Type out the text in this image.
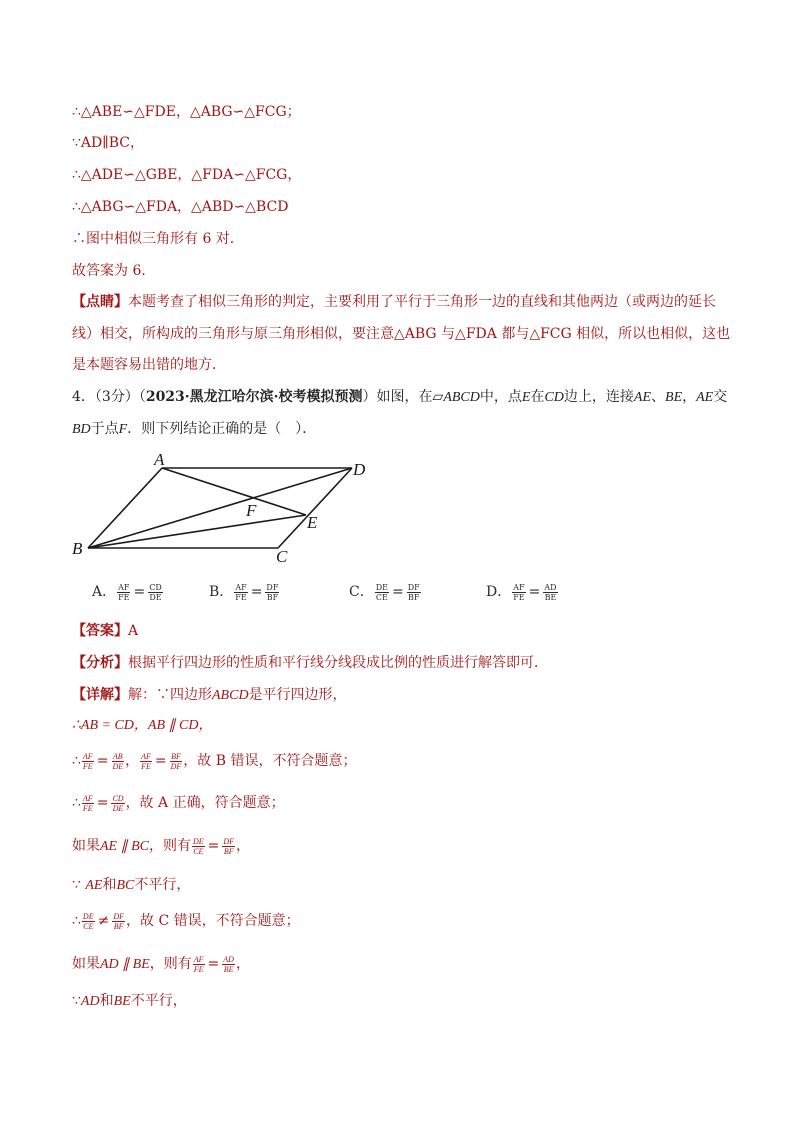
∴△ABE∽△FDE，△ABG∽△FCG；
∵AD∥BC，
∴△ADE∽△GBE，△FDA∽△FCG，
∴△ABG∽△FDA，△ABD∽△BCD
∴图中相似三角形有 6 对．
故答案为 6．
【点睛】本题考查了相似三角形的判定，主要利用了平行于三角形一边的直线和其他两边（或两边的延长
线）相交，所构成的三角形与原三角形相似，要注意△ABG 与△FDA 都与△FCG 相似，所以也相似，这也
是本题容易出错的地方．
4．（3分）（2023·黑龙江哈尔滨·校考模拟预测）如图，在▱ABCD中，点E在CD边上，连接AE、BE，AE交
BD于点F．则下列结论正确的是（　）．
A
D
B	C
E
F
A． $\frac{AF}{FE} = \frac{CD}{DE}$	B． $\frac{AF}{FE} = \frac{DF}{BF}$	C． $\frac{DE}{CE} = \frac{DF}{BF}$	D． $\frac{AF}{FE} = \frac{AD}{BE}$
【答案】A
【分析】根据平行四边形的性质和平行线分线段成比例的性质进行解答即可．
【详解】解：∵四边形ABCD是平行四边形，
∴AB = CD，AB ∥ CD，
∴ $\frac{AF}{FE} = \frac{AB}{DE}$ ， $\frac{AF}{FE} = \frac{BF}{DF}$ ，故 B 错误，不符合题意；
∴ $\frac{AF}{FE} = \frac{CD}{DE}$ ，故 A 正确，符合题意；
如果AE ∥ BC，则有 $\frac{DE}{CE} = \frac{DF}{BF}$ ，
∵ AE和BC不平行，
∴ $\frac{DE}{CE} \ne \frac{DF}{BF}$ ，故 C 错误，不符合题意；
如果AD ∥ BE，则有 $\frac{AF}{FE} = \frac{AD}{BE}$ ，
∵AD和BE不平行，
